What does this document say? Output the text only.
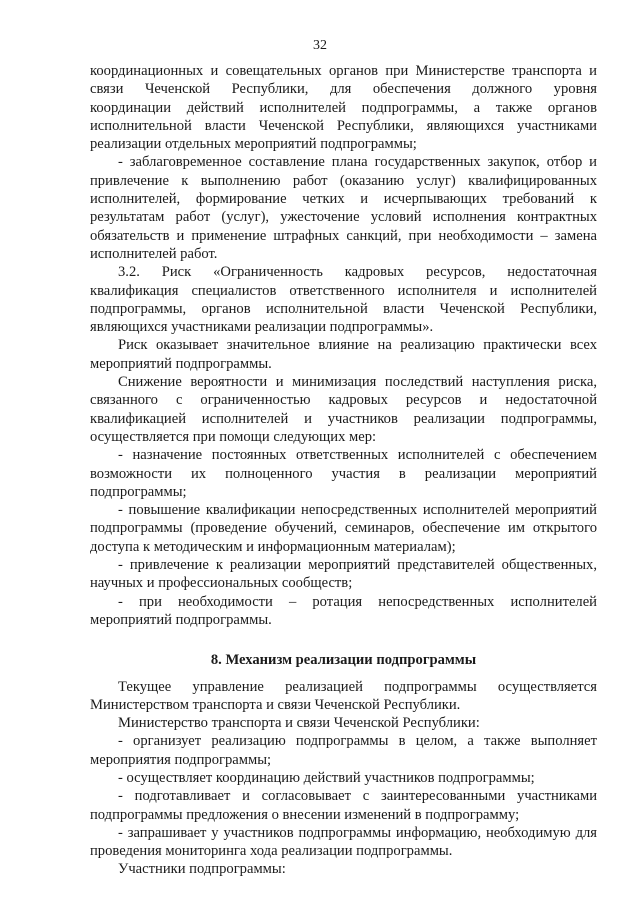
32
координационных и совещательных органов при Министерстве транспорта и
связи Чеченской Республики, для обеспечения должного уровня
координации действий исполнителей подпрограммы, а также органов
исполнительной власти Чеченской Республики, являющихся участниками
реализации отдельных мероприятий подпрограммы;
- заблаговременное составление плана государственных закупок, отбор и привлечение к выполнению работ (оказанию услуг) квалифицированных исполнителей, формирование четких и исчерпывающих требований к результатам работ (услуг), ужесточение условий исполнения контрактных обязательств и применение штрафных санкций, при необходимости – замена исполнителей работ.
3.2. Риск «Ограниченность кадровых ресурсов, недостаточная квалификация специалистов ответственного исполнителя и исполнителей подпрограммы, органов исполнительной власти Чеченской Республики, являющихся участниками реализации подпрограммы».
Риск оказывает значительное влияние на реализацию практически всех мероприятий подпрограммы.
Снижение вероятности и минимизация последствий наступления риска, связанного с ограниченностью кадровых ресурсов и недостаточной квалификацией исполнителей и участников реализации подпрограммы, осуществляется при помощи следующих мер:
- назначение постоянных ответственных исполнителей с обеспечением возможности их полноценного участия в реализации мероприятий подпрограммы;
- повышение квалификации непосредственных исполнителей мероприятий подпрограммы (проведение обучений, семинаров, обеспечение им открытого доступа к методическим и информационным материалам);
- привлечение к реализации мероприятий представителей общественных, научных и профессиональных сообществ;
- при необходимости – ротация непосредственных исполнителей мероприятий подпрограммы.
8. Механизм реализации подпрограммы
Текущее управление реализацией подпрограммы осуществляется Министерством транспорта и связи Чеченской Республики.
Министерство транспорта и связи Чеченской Республики:
- организует реализацию подпрограммы в целом, а также выполняет мероприятия подпрограммы;
- осуществляет координацию действий участников подпрограммы;
- подготавливает и согласовывает с заинтересованными участниками подпрограммы предложения о внесении изменений в подпрограмму;
- запрашивает у участников подпрограммы информацию, необходимую для проведения мониторинга хода реализации подпрограммы.
Участники подпрограммы:
